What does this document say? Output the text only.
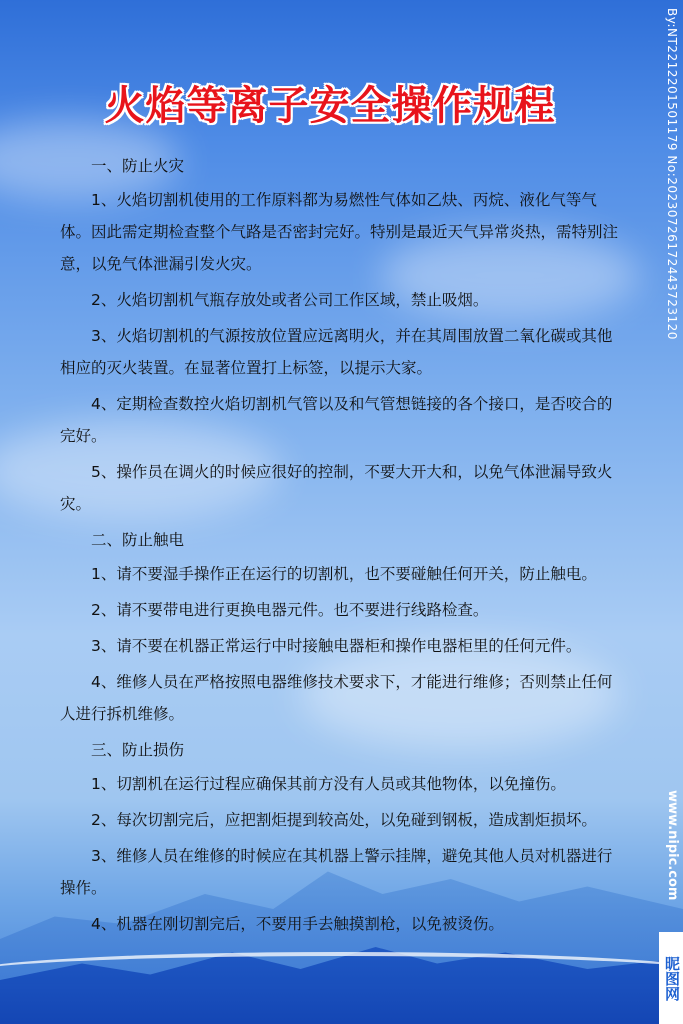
火焰等离子安全操作规程

一、防止火灾

1、火焰切割机使用的工作原料都为易燃性气体如乙炔、丙烷、液化气等气体。因此需定期检查整个气路是否密封完好。特别是最近天气异常炎热，需特别注意，以免气体泄漏引发火灾。

2、火焰切割机气瓶存放处或者公司工作区域，禁止吸烟。

3、火焰切割机的气源按放位置应远离明火，并在其周围放置二氧化碳或其他相应的灭火装置。在显著位置打上标签，以提示大家。

4、定期检查数控火焰切割机气管以及和气管想链接的各个接口，是否咬合的完好。

5、操作员在调火的时候应很好的控制，不要大开大和，以免气体泄漏导致火灾。

二、防止触电

1、请不要湿手操作正在运行的切割机，也不要碰触任何开关，防止触电。

2、请不要带电进行更换电器元件。也不要进行线路检查。

3、请不要在机器正常运行中时接触电器柜和操作电器柜里的任何元件。

4、维修人员在严格按照电器维修技术要求下，才能进行维修；否则禁止任何人进行拆机维修。

三、防止损伤

1、切割机在运行过程应确保其前方没有人员或其他物体，以免撞伤。

2、每次切割完后，应把割炬提到较高处，以免碰到钢板，造成割炬损坏。

3、维修人员在维修的时候应在其机器上警示挂牌，避免其他人员对机器进行操作。

4、机器在刚切割完后，不要用手去触摸割枪，以免被烫伤。

By:NT2212201501179 No:20230726172443723120
www.nipic.com
昵图网
